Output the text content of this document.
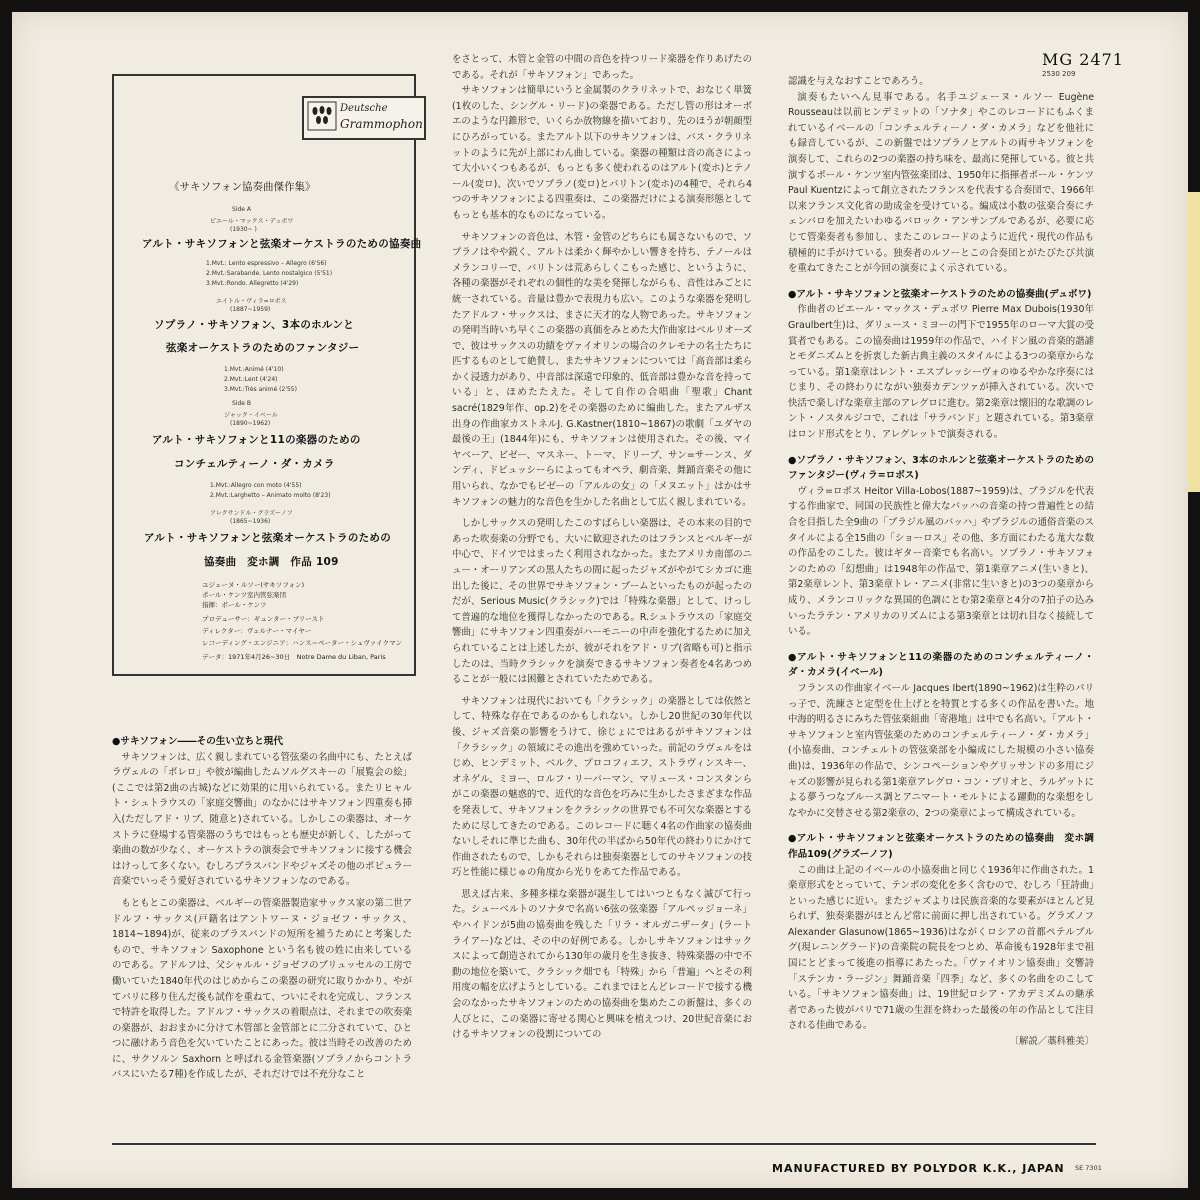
MG 2471
2530 209
Deutsche
Grammophon
《サキソフォン協奏曲傑作集》
Side A
ピエール・マックス・デュボワ
(1930~ )
アルト・サキソフォンと弦楽オーケストラのための協奏曲
1.Mvt.: Lento espressivo – Allegro (6'56)
2.Mvt.:Sarabande. Lento nostalgico (5'51)
3.Mvt.:Rondo. Allegretto (4'29)
エイトル・ヴィラ=ロボス
(1887~1959)
ソプラノ・サキソフォン、3本のホルンと
弦楽オーケストラのためのファンタジー
1.Mvt.:Animé (4'10)
2.Mvt.:Lent (4'24)
3.Mvt.:Très animé (2'55)
Side B
ジャック・イベール
(1890~1962)
アルト・サキソフォンと11の楽器のための
コンチェルティーノ・ダ・カメラ
1.Mvt.:Allegro con moto (4'55)
2.Mvt.:Larghetto – Animato molto (8'23)
アレクサンドル・グラズーノフ
(1865~1936)
アルト・サキソフォンと弦楽オーケストラのための
協奏曲　変ホ調　作品 109
ユジェーヌ・ルソー(サキソフォン)
ポール・ケンツ室内管弦楽団
指揮：ポール・ケンツ
プロデューサー：ギュンター・ブリースト
ディレクター：ヴェルナー・マイヤー
レコーディング・エンジニア：ハンス＝ペーター・シュヴァイクマン
データ：1971年4月26~30日　Notre Dame du Liban, Paris

●サキソフォン――その生い立ちと現代

サキソフォンは、広く親しまれている管弦楽の名曲中にも、たとえばラヴェルの「ボレロ」や彼が編曲したムソルグスキーの「展覧会の絵」(ここでは第2曲の古城)などに効果的に用いられている。またリヒャルト・シュトラウスの「家庭交響曲」のなかにはサキソフォン四重奏も挿入(ただしアド・リブ、随意と)されている。しかしこの楽器は、オーケストラに登場する管楽器のうちではもっとも歴史が新しく、したがって楽曲の数が少なく、オーケストラの演奏会でサキソフォンに接する機会はけっして多くない。むしろブラスバンドやジャズその他のポピュラー音楽でいっそう愛好されているサキソフォンなのである。

もともとこの楽器は、ベルギーの管楽器製造家サックス家の第二世アドルフ・サックス(戸籍名はアントワーヌ・ジョゼフ・サックス、1814~1894)が、従来のブラスバンドの短所を補うためにと考案したもので、サキソフォン Saxophone という名も彼の姓に由来しているのである。アドルフは、父シャルル・ジョゼフのブリュッセルの工房で働いていた1840年代のはじめからこの楽器の研究に取りかかり、やがてパリに移り住んだ後も試作を重ねて、ついにそれを完成し、フランスで特許を取得した。アドルフ・サックスの着眼点は、それまでの吹奏楽の楽器が、おおまかに分けて木管部と金管部とに二分されていて、ひとつに融けあう音色を欠いていたことにあった。彼は当時その改善のために、サクソルン Saxhorn と呼ばれる金管楽器(ソプラノからコントラバスにいたる7種)を作成したが、それだけでは不充分なこと

をさとって、木管と金管の中間の音色を持つリード楽器を作りあげたのである。それが「サキソフォン」であった。

サキソフォンは簡単にいうと金属製のクラリネットで、おなじく単簧(1枚のした、シングル・リード)の楽器である。ただし管の形はオーボエのような円錐形で、いくらか放物線を描いており、先のほうが朝顔型にひろがっている。またアルト以下のサキソフォンは、バス・クラリネットのように先が上部にわん曲している。楽器の種類は音の高さによって大小いくつもあるが、もっとも多く使われるのはアルト(変ホ)とテノール(変ロ)、次いでソプラノ(変ロ)とバリトン(変ホ)の4種で、それら4つのサキソフォンによる四重奏は、この楽器だけによる演奏形態としてもっとも基本的なものになっている。

サキソフォンの音色は、木管・金管のどちらにも属さないもので、ソプラノはやや鋭く、アルトは柔かく輝やかしい響きを持ち、テノールはメランコリーで、バリトンは荒あらしくこもった感じ、というように、各種の楽器がそれぞれの個性的な美を発揮しながらも、音性はみごとに統一されている。音量は豊かで表現力も広い。このような楽器を発明したアドルフ・サックスは、まさに天才的な人物であった。サキソフォンの発明当時いち早くこの楽器の真価をみとめた大作曲家はベルリオーズで、彼はサックスの功績をヴァイオリンの場合のクレモナの名士たちに匹するものとして絶賛し、またサキソフォンについては「高音部は柔らかく浸透力があり、中音部は深遠で印象的、低音部は豊かな音を持っている」と、ほめたたえた。そして自作の合唱曲「聖歌」Chant sacré(1829年作、op.2)をその楽器のために編曲した。またアルザス出身の作曲家カストネルJ. G.Kastner(1810~1867)の歌劇「ユダヤの最後の王」(1844年)にも、サキソフォンは使用された。その後、マイヤベーア、ビゼー、マスネー、トーマ、ドリーブ、サン=サーンス、ダンディ、ドビュッシーらによってもオペラ、劇音楽、舞踊音楽その他に用いられ、なかでもビゼーの「アルルの女」の「メヌエット」はかはサキソフォンの魅力的な音色を生かした名曲として広く親しまれている。

しかしサックスの発明したこのすばらしい楽器は、その本来の目的であった吹奏楽の分野でも、大いに歓迎されたのはフランスとベルギーが中心で、ドイツではまったく利用されなかった。またアメリカ南部のニュー・オーリアンズの黒人たちの間に起ったジャズがやがてシカゴに進出した後に、その世界でサキソフォン・ブームといったものが起ったのだが、Serious Music(クラシック)では「特殊な楽器」として、けっして普遍的な地位を獲得しなかったのである。R.シュトラウスの「家庭交響曲」にサキソフォン四重奏がハーモニーの中声を強化するために加えられていることは上述したが、彼がそれをアド・リブ(省略も可)と指示したのは、当時クラシックを演奏できるサキソフォン奏者を4名あつめることが一般には困難とされていたためである。

サキソフォンは現代においても「クラシック」の楽器としては依然として、特殊な存在であるのかもしれない。しかし20世紀の30年代以後、ジャズ音楽の影響をうけて、徐じょにではあるがサキソフォンは「クラシック」の領域にその進出を強めていった。前記のラヴェルをはじめ、ヒンデミット、ベルク、プロコフィエフ、ストラヴィンスキー、オネゲル、ミヨー、ロルフ・リーバーマン、マリュース・コンスタンらがこの楽器の魅惑的で、近代的な音色を巧みに生かしたさまざまな作品を発表して、サキソフォンをクラシックの世界でも不可欠な楽器とするために尽してきたのである。このレコードに聴く4名の作曲家の協奏曲ないしそれに準じた曲も、30年代の半ばから50年代の終わりにかけて作曲されたもので、しかもそれらは独奏楽器としてのサキソフォンの技巧と性能に様じゅの角度から光りをあてた作品である。

思えば古来、多種多様な楽器が誕生してはいつともなく滅びて行った。シューベルトのソナタで名高い6弦の弦楽器「アルペッジョーネ」やハイドンが5曲の協奏曲を残した「リラ・オルガニザータ」(ラートライアー)などは、その中の好例である。しかしサキソフォンはサックスによって創造されてから130年の歳月を生き抜き、特殊楽器の中で不動の地位を築いて、クラシック畑でも「特殊」から「普遍」へとその利用度の幅を広げようとしている。これまでほとんどレコードで接する機会のなかったサキソフォンのための協奏曲を集めたこの新盤は、多くの人びとに、この楽器に寄せる関心と興味を植えつけ、20世紀音楽におけるサキソフォンの役割についての

認識を与えなおすことであろう。

演奏もたいへん見事である。名手ユジェーヌ・ルソー Eugène Rousseauは以前ヒンデミットの「ソナタ」やこのレコードにもふくまれているイベールの「コンチェルティーノ・ダ・カメラ」などを他社にも録音しているが、この新盤ではソプラノとアルトの両サキソフォンを演奏して、これらの2つの楽器の持ち味を、最高に発揮している。彼と共演するポール・ケンツ室内管弦楽団は、1950年に指揮者ポール・ケンツPaul Kuentzによって創立されたフランスを代表する合奏団で、1966年以来フランス文化省の助成金を受けている。編成は小数の弦楽合奏にチェンバロを加えたいわゆるバロック・アンサンブルであるが、必要に応じて管楽奏者も参加し、またこのレコードのように近代・現代の作品も積極的に手がけている。独奏者のルソーとこの合奏団とがたびたび共演を重ねてきたことが今回の演奏によく示されている。

●アルト・サキソフォンと弦楽オーケストラのための協奏曲(デュボワ)

作曲者のピエール・マックス・デュボワ Pierre Max Dubois(1930年Graulbert生)は、ダリュース・ミヨーの門下で1955年のローマ大賞の受賞者でもある。この協奏曲は1959年の作品で、ハイドン風の音楽的諧謔とモダニズムとを折衷した新古典主義のスタイルによる3つの楽章からなっている。第1楽章はレント・エスプレッシーヴォのゆるやかな序奏にはじまり、その終わりにながい独奏カデンツァが挿入されている。次いで快活で楽しげな楽章主部のアレグロに進む。第2楽章は懐旧的な歌調のレント・ノスタルジコで、これは「サラバンド」と題されている。第3楽章はロンド形式をとり、アレグレットで演奏される。

●ソプラノ・サキソフォン、3本のホルンと弦楽オーケストラのためのファンタジー(ヴィラ=ロボス)

ヴィラ=ロボス Heitor Villa-Lobos(1887~1959)は、ブラジルを代表する作曲家で、同国の民族性と偉大なバッハの音楽の持つ普遍性との結合を目指した全9曲の「ブラジル風のバッハ」やブラジルの通俗音楽のスタイルによる全15曲の「ショーロス」その他、多方面にわたる尨大な数の作品をのこした。彼はギター音楽でも名高い。ソプラノ・サキソフォンのための「幻想曲」は1948年の作品で、第1楽章アニメ(生いきと)、第2楽章レント、第3楽章トレ・アニメ(非常に生いきと)の3つの楽章から成り、メランコリックな異国的色調にとむ第2楽章と4分の7拍子の込みいったラテン・アメリカのリズムによる第3楽章とは切れ目なく接続している。

●アルト・サキソフォンと11の楽器のためのコンチェルティーノ・ダ・カメラ(イベール)

フランスの作曲家イベール Jacques Ibert(1890~1962)は生粋のパリっ子で、洗練さと定型を仕上げとを特質とする多くの作品を書いた。地中海的明るさにみちた管弦楽組曲「寄港地」は中でも名高い。「アルト・サキソフォンと室内管弦楽のためのコンチェルティーノ・ダ・カメラ」(小協奏曲、コンチェルトの管弦楽部を小編成にした規模の小さい協奏曲)は、1936年の作品で、シンコペーションやグリッサンドの多用にジャズの影響が見られる第1楽章アレグロ・コン・ブリオと、ラルゲットによる夢うつなブルース調とアニマート・モルトによる躍動的な楽想をしなやかに交替させる第2楽章の、2つの楽章によって構成されている。

●アルト・サキソフォンと弦楽オーケストラのための協奏曲　変ホ調　作品109(グラズーノフ)

この曲は上記のイベールの小協奏曲と同じく1936年に作曲された。1楽章形式をとっていて、テンポの変化を多く含むので、むしろ「狂詩曲」といった感じに近い。またジャズよりは民族音楽的な要素がほとんど見られず、独奏楽器がほとんど常に前面に押し出されている。グラズノフ Alexander Glasunow(1865~1936)はながくロシアの首都ペテルブルグ(現レニングラード)の音楽院の院長をつとめ、革命後も1928年まで祖国にとどまって後進の指導にあたった。「ヴァイオリン協奏曲」交響詩「ステンカ・ラージン」舞踊音楽「四季」など、多くの名曲をのこしている。「サキソフォン協奏曲」は、19世紀ロシア・アカデミズムの継承者であった彼がパリで71歳の生涯を終わった最後の年の作品として注目される佳曲である。

〔解説／藁科雅美〕

MANUFACTURED BY POLYDOR K.K., JAPAN SE 7301
